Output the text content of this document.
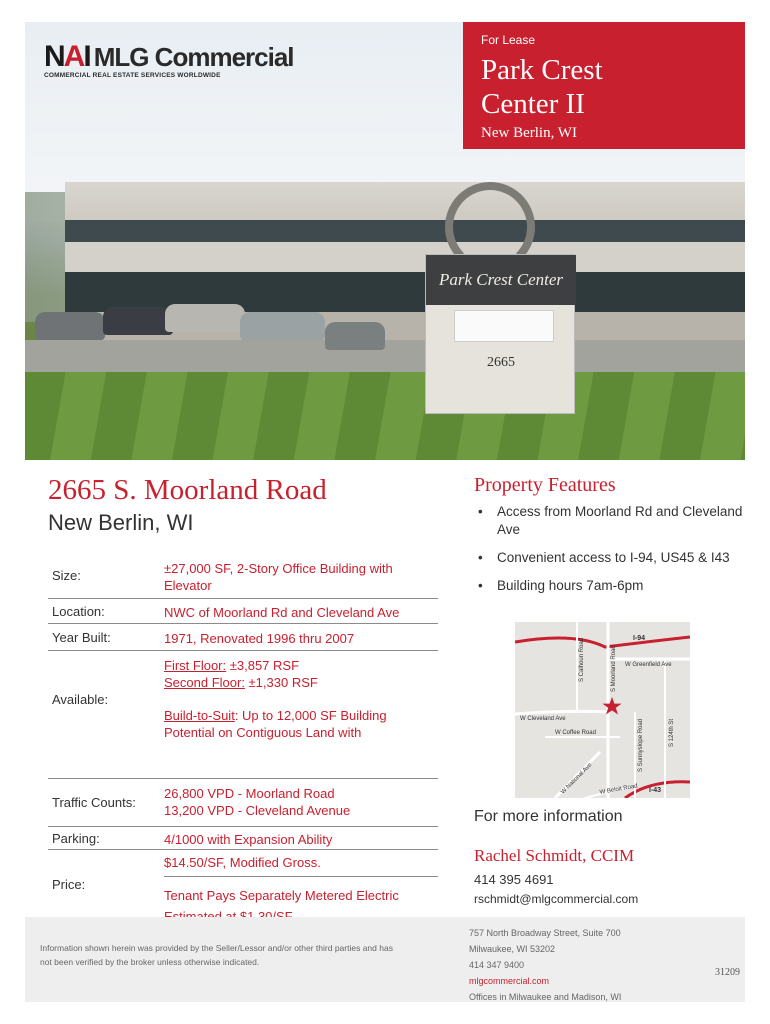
Park Crest Center
2665
NAI MLG Commercial
COMMERCIAL REAL ESTATE SERVICES WORLDWIDE
For Lease
Park Crest Center II
New Berlin, WI
2665 S. Moorland Road
New Berlin, WI
Size:	±27,000 SF, 2-Story Office Building with Elevator
Location:	NWC of Moorland Rd and Cleveland Ave
Year Built:	1971, Renovated 1996 thru 2007
Available:
First Floor: ±3,857 RSF
Second Floor: ±1,330 RSF
Build-to-Suit: Up to 12,000 SF Building Potential on Contiguous Land with
Traffic Counts:
26,800 VPD - Moorland Road
13,200 VPD - Cleveland Avenue
Parking:	4/1000 with Expansion Ability
Price:
$14.50/SF, Modified Gross.
Tenant Pays Separately Metered Electric
Property Features
• Access from Moorland Rd and Cleveland Ave
• Convenient access to I-94, US45 & I43
• Building hours 7am-6pm
I-94
W Greenfield Ave
W Cleveland Ave
W Coffee Road
I-43
S Calhoun Road	S Moorland Road
S 124th St
S Sunnyslope Road
W National Ave W Beloit Road
For more information
Rachel Schmidt, CCIM
414 395 4691
rschmidt@mlgcommercial.com
Information shown herein was provided by the Seller/Lessor and/or other third parties and has not been verified by the broker unless otherwise indicated.
757 North Broadway Street, Suite 700
Milwaukee, WI 53202
414 347 9400
mlgcommercial.com
Offices in Milwaukee and Madison, WI
31209
